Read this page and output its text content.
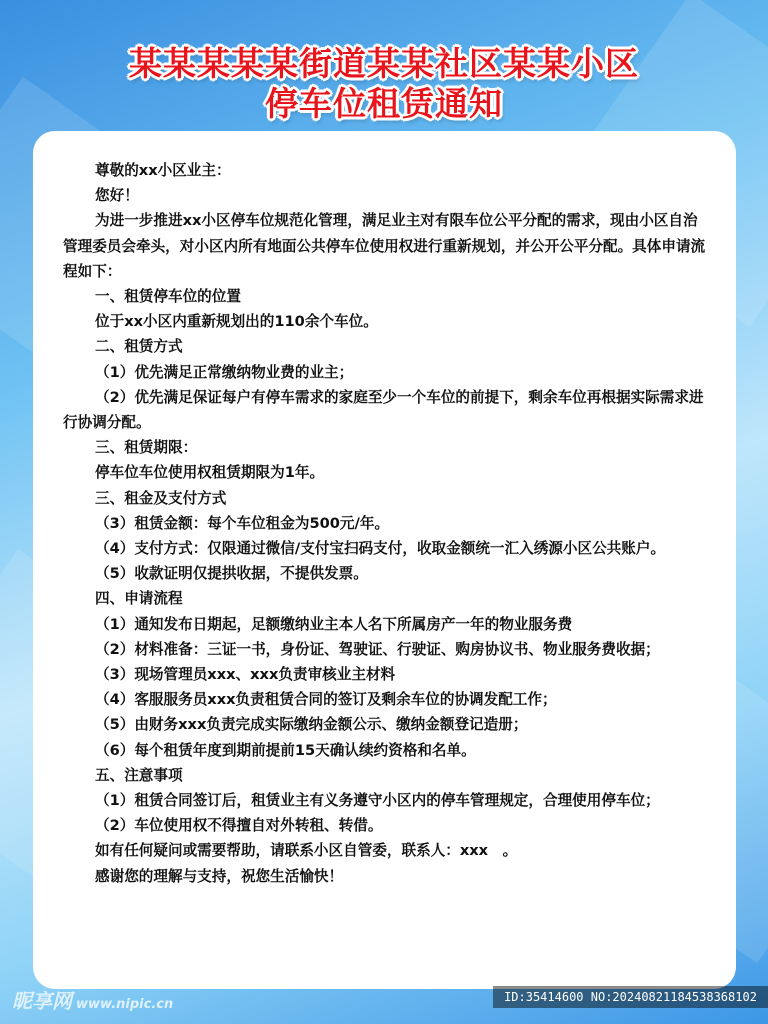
某某某某某街道某某社区某某小区
停车位租赁通知

尊敬的xx小区业主：

您好！

为进一步推进xx小区停车位规范化管理，满足业主对有限车位公平分配的需求，现由小区自治管理委员会牵头，对小区内所有地面公共停车位使用权进行重新规划，并公开公平分配。具体申请流程如下：

一、租赁停车位的位置

位于xx小区内重新规划出的110余个车位。

二、租赁方式

（1）优先满足正常缴纳物业费的业主；

（2）优先满足保证每户有停车需求的家庭至少一个车位的前提下，剩余车位再根据实际需求进行协调分配。

三、租赁期限：

停车位车位使用权租赁期限为1年。

三、租金及支付方式

（3）租赁金额：每个车位租金为500元/年。

（4）支付方式：仅限通过微信/支付宝扫码支付，收取金额统一汇入绣源小区公共账户。

（5）收款证明仅提拱收据，不提供发票。

四、申请流程

（1）通知发布日期起，足额缴纳业主本人名下所属房产一年的物业服务费

（2）材料准备：三证一书，身份证、驾驶证、行驶证、购房协议书、物业服务费收据；

（3）现场管理员xxx、xxx负责审核业主材料

（4）客服服务员xxx负责租赁合同的签订及剩余车位的协调发配工作；

（5）由财务xxx负责完成实际缴纳金额公示、缴纳金额登记造册；

（6）每个租赁年度到期前提前15天确认续约资格和名单。

五、注意事项

（1）租赁合同签订后，租赁业主有义务遵守小区内的停车管理规定，合理使用停车位；

（2）车位使用权不得擅自对外转租、转借。

如有任何疑问或需要帮助，请联系小区自管委，联系人：xxx　。

感谢您的理解与支持，祝您生活愉快！

昵享网 www.nipic.cn	ID:35414600 NO:20240821184538368102
